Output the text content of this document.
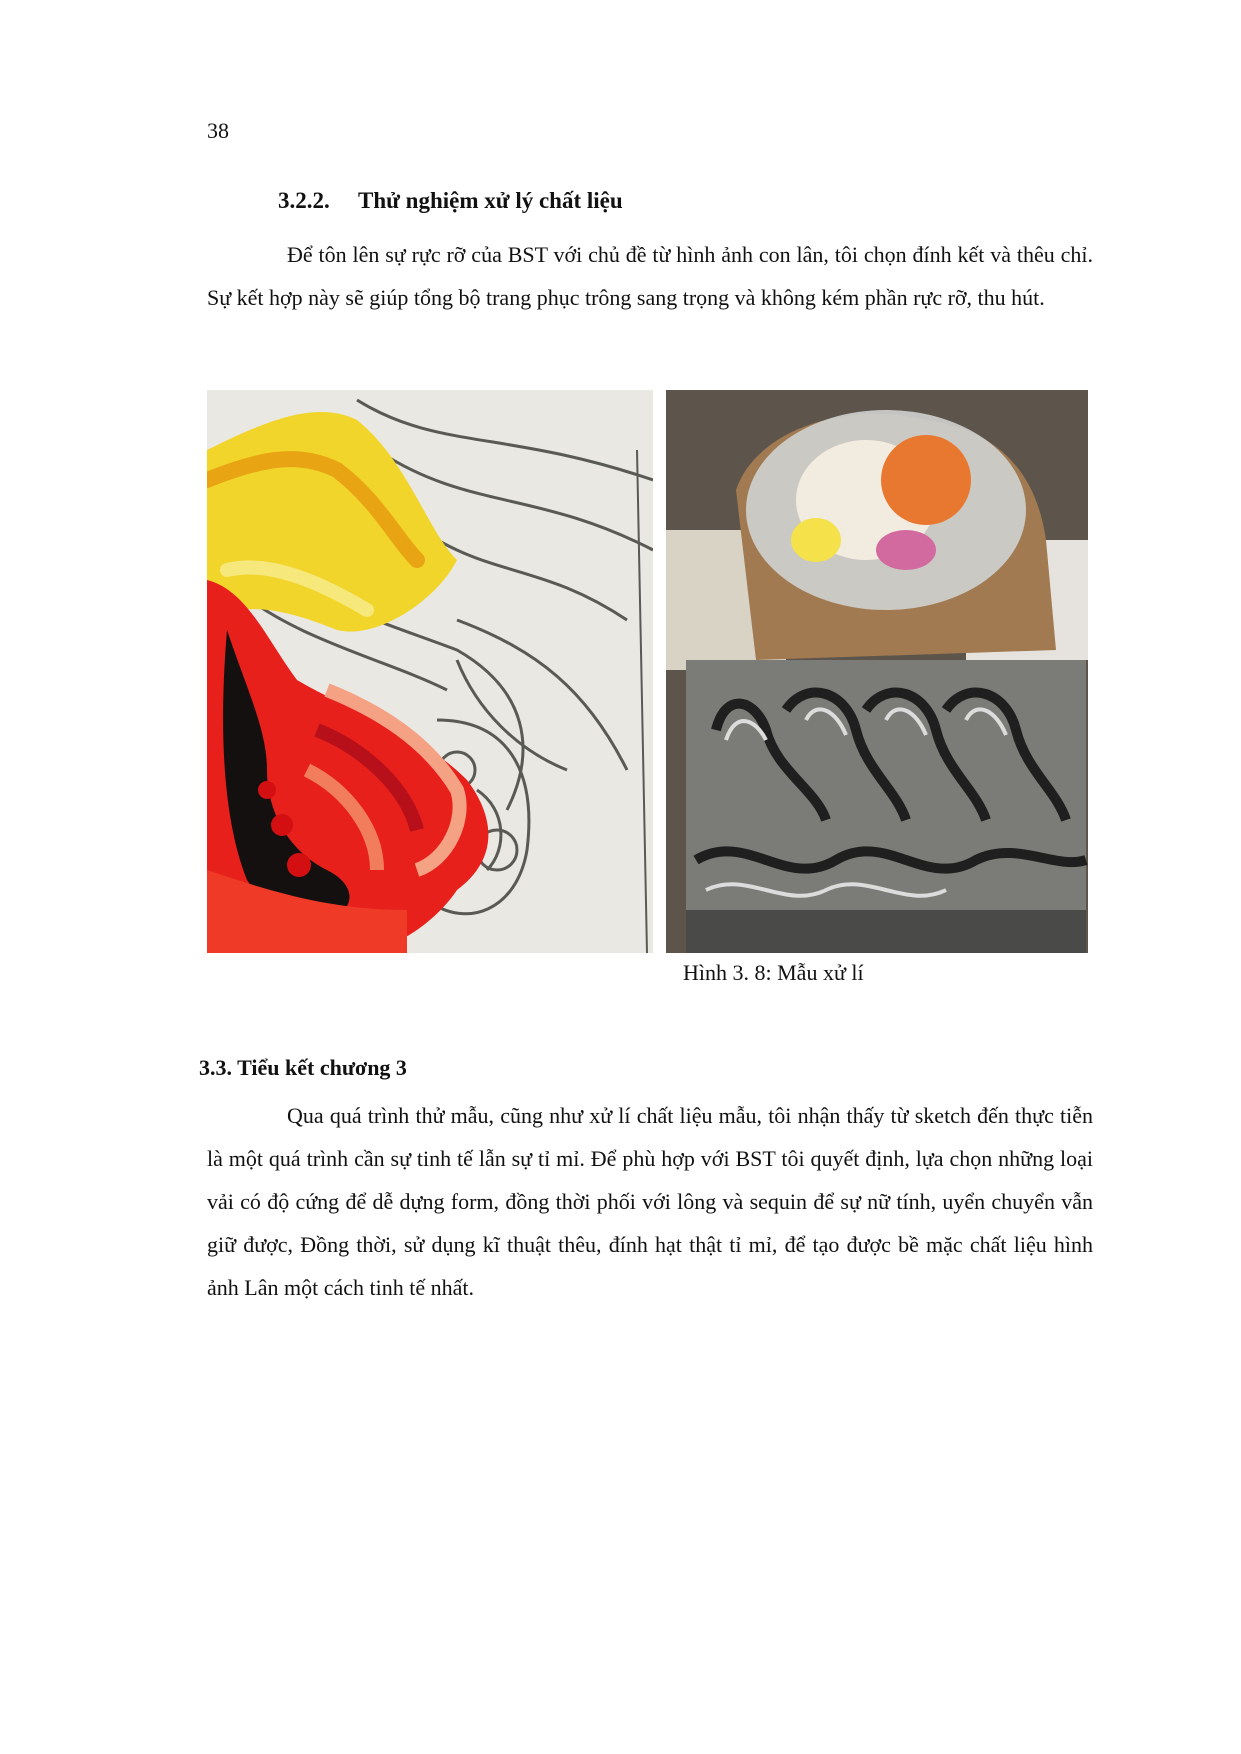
38
3.2.2. Thử nghiệm xử lý chất liệu

Để tôn lên sự rực rỡ của BST với chủ đề từ hình ảnh con lân, tôi chọn đính kết và thêu chỉ. Sự kết hợp này sẽ giúp tổng bộ trang phục trông sang trọng và không kém phần rực rỡ, thu hút.

Hình 3. 8: Mẫu xử lí
3.3. Tiểu kết chương 3

Qua quá trình thử mẫu, cũng như xử lí chất liệu mẫu, tôi nhận thấy từ sketch đến thực tiễn là một quá trình cần sự tinh tế lẫn sự tỉ mỉ. Để phù hợp với BST tôi quyết định, lựa chọn những loại vải có độ cứng để dễ dựng form, đồng thời phối với lông và sequin để sự nữ tính, uyển chuyển vẫn giữ được, Đồng thời, sử dụng kĩ thuật thêu, đính hạt thật tỉ mỉ, để tạo được bề mặc chất liệu hình ảnh Lân một cách tinh tế nhất.
